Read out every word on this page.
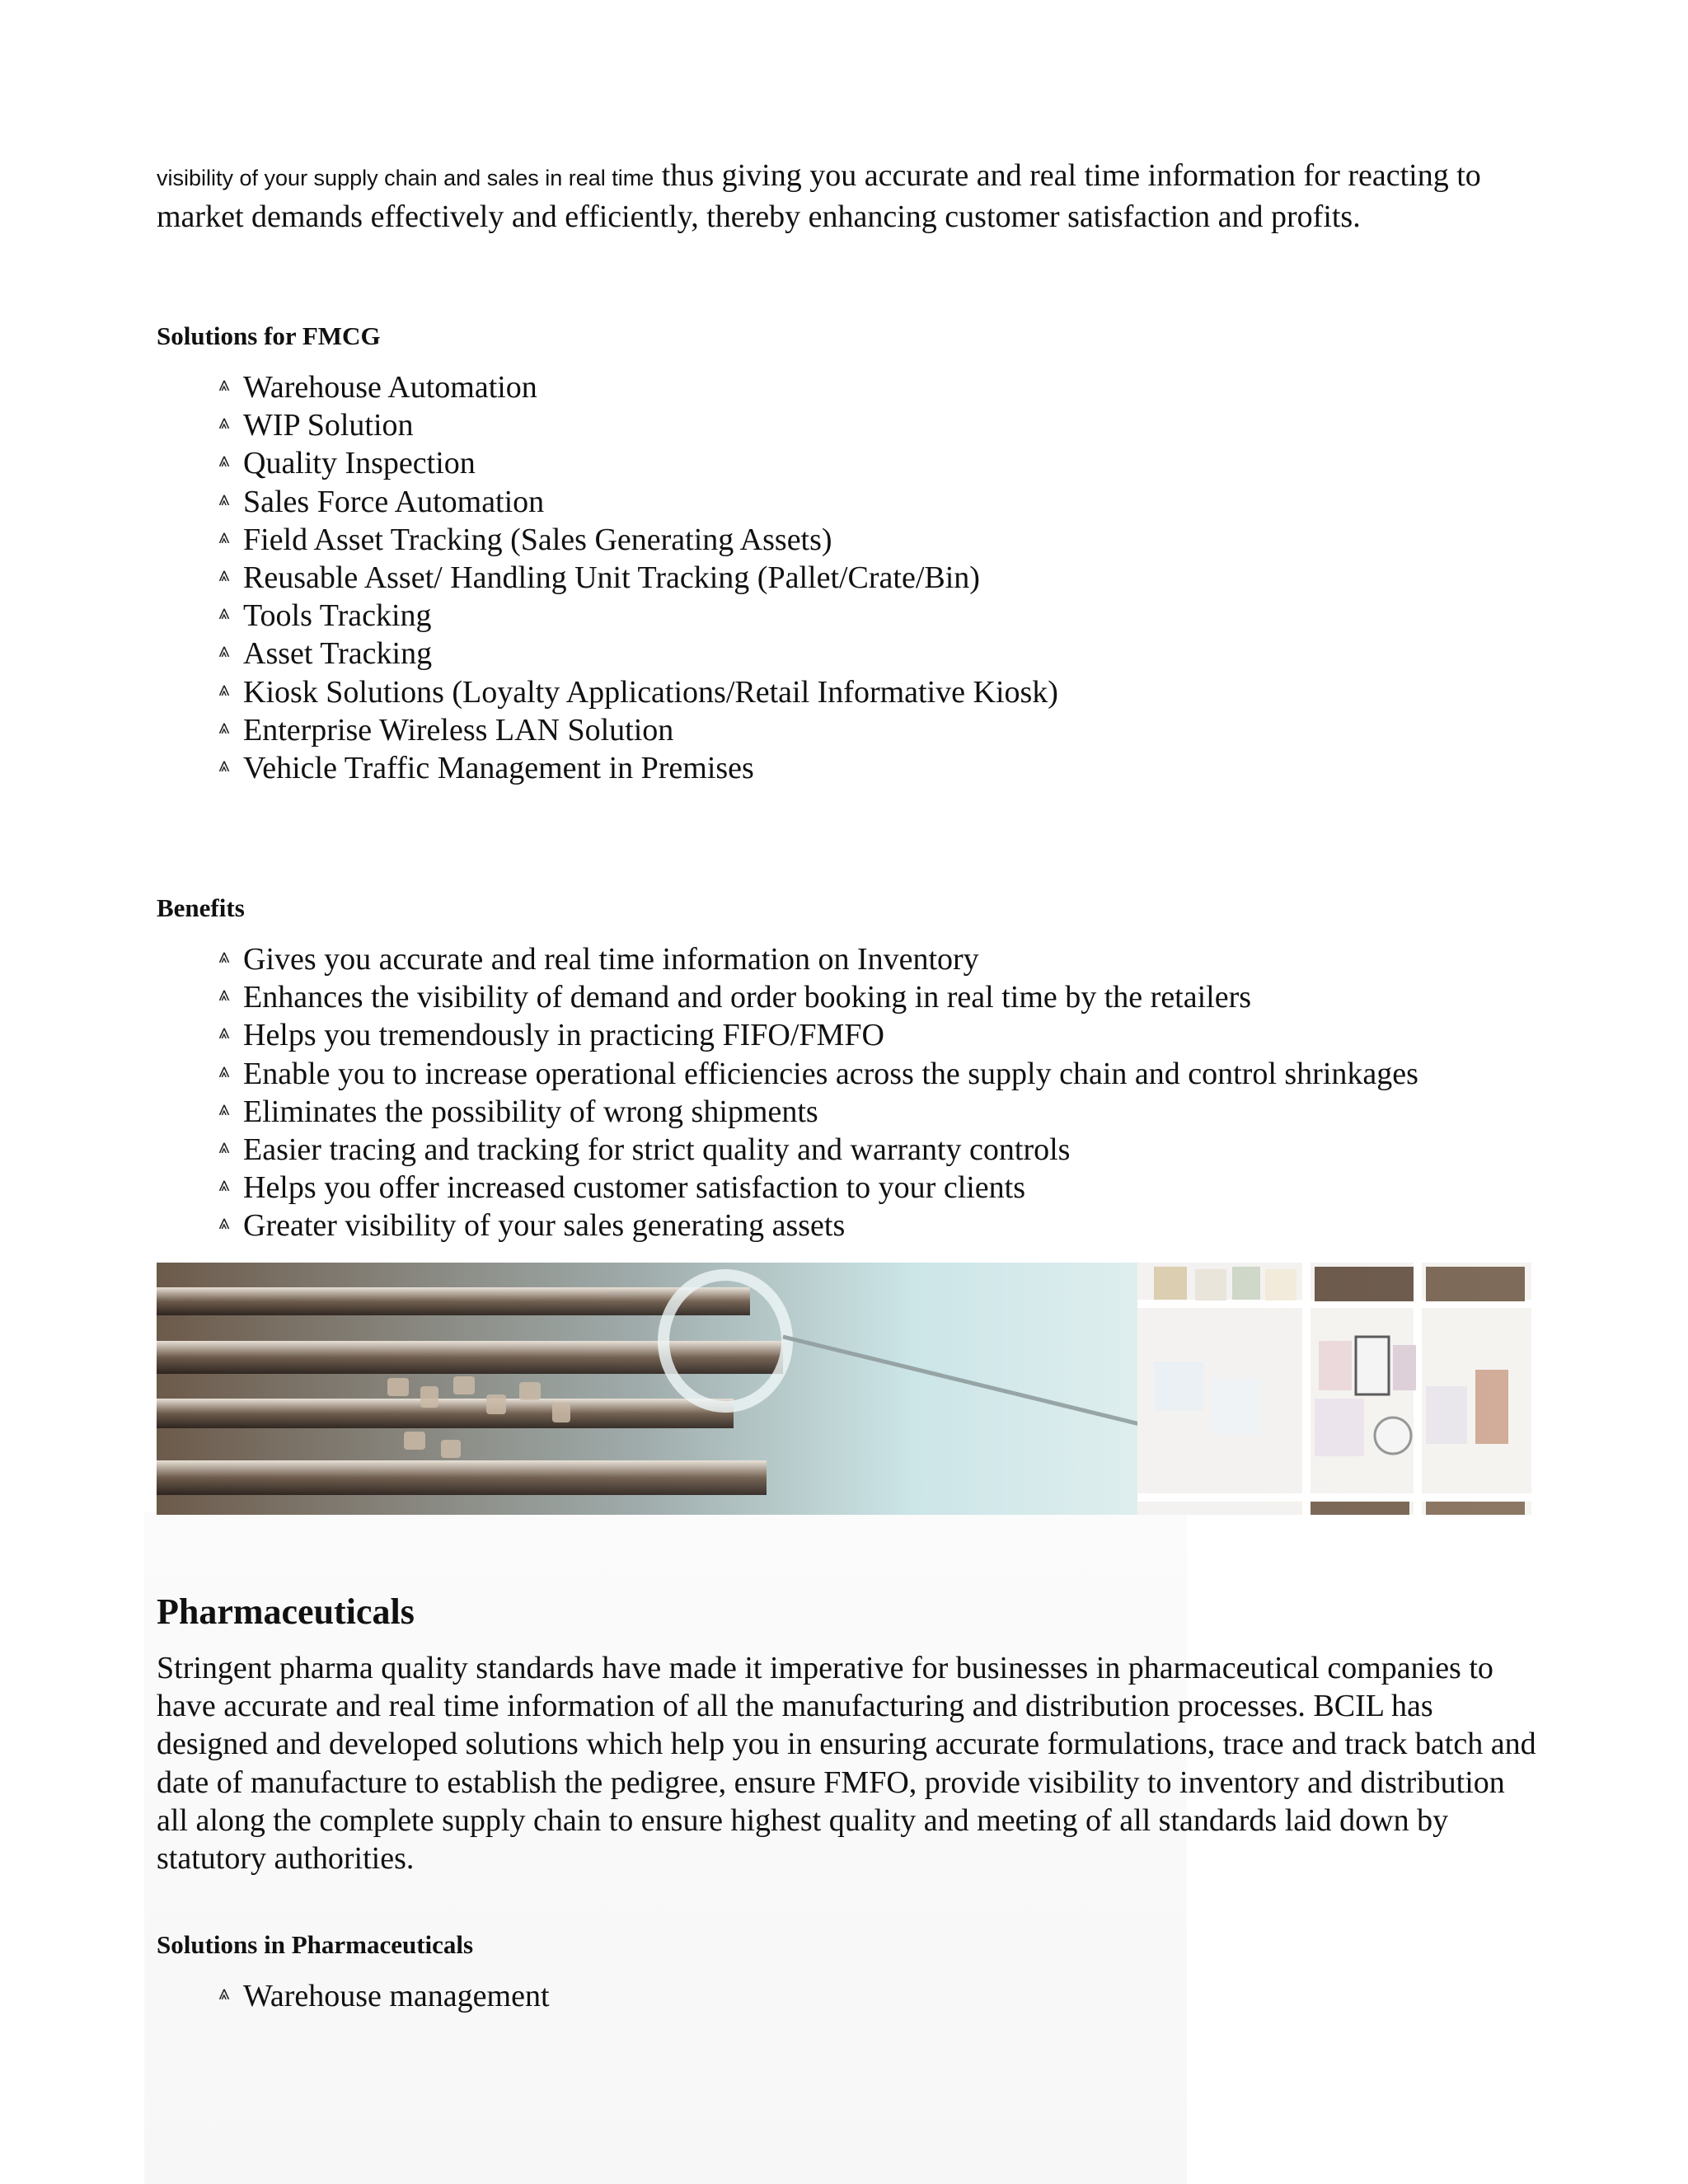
visibility of your supply chain and sales in real time thus giving you accurate and real time information for reacting to market demands effectively and efficiently, thereby enhancing customer satisfaction and profits.

Solutions for FMCG
⩓ Warehouse Automation
⩓ WIP Solution
⩓ Quality Inspection
⩓ Sales Force Automation
⩓ Field Asset Tracking (Sales Generating Assets)
⩓ Reusable Asset/ Handling Unit Tracking (Pallet/Crate/Bin)
⩓ Tools Tracking
⩓ Asset Tracking
⩓ Kiosk Solutions (Loyalty Applications/Retail Informative Kiosk)
⩓ Enterprise Wireless LAN Solution
⩓ Vehicle Traffic Management in Premises
Benefits
⩓ Gives you accurate and real time information on Inventory
⩓ Enhances the visibility of demand and order booking in real time by the retailers
⩓ Helps you tremendously in practicing FIFO/FMFO
⩓ Enable you to increase operational efficiencies across the supply chain and control shrinkages
⩓ Eliminates the possibility of wrong shipments
⩓ Easier tracing and tracking for strict quality and warranty controls
⩓ Helps you offer increased customer satisfaction to your clients
⩓ Greater visibility of your sales generating assets
Pharmaceuticals

Stringent pharma quality standards have made it imperative for businesses in pharmaceutical companies to have accurate and real time information of all the manufacturing and distribution processes. BCIL has designed and developed solutions which help you in ensuring accurate formulations, trace and track batch and date of manufacture to establish the pedigree, ensure FMFO, provide visibility to inventory and distribution all along the complete supply chain to ensure highest quality and meeting of all standards laid down by statutory authorities.

Solutions in Pharmaceuticals
⩓ Warehouse management
